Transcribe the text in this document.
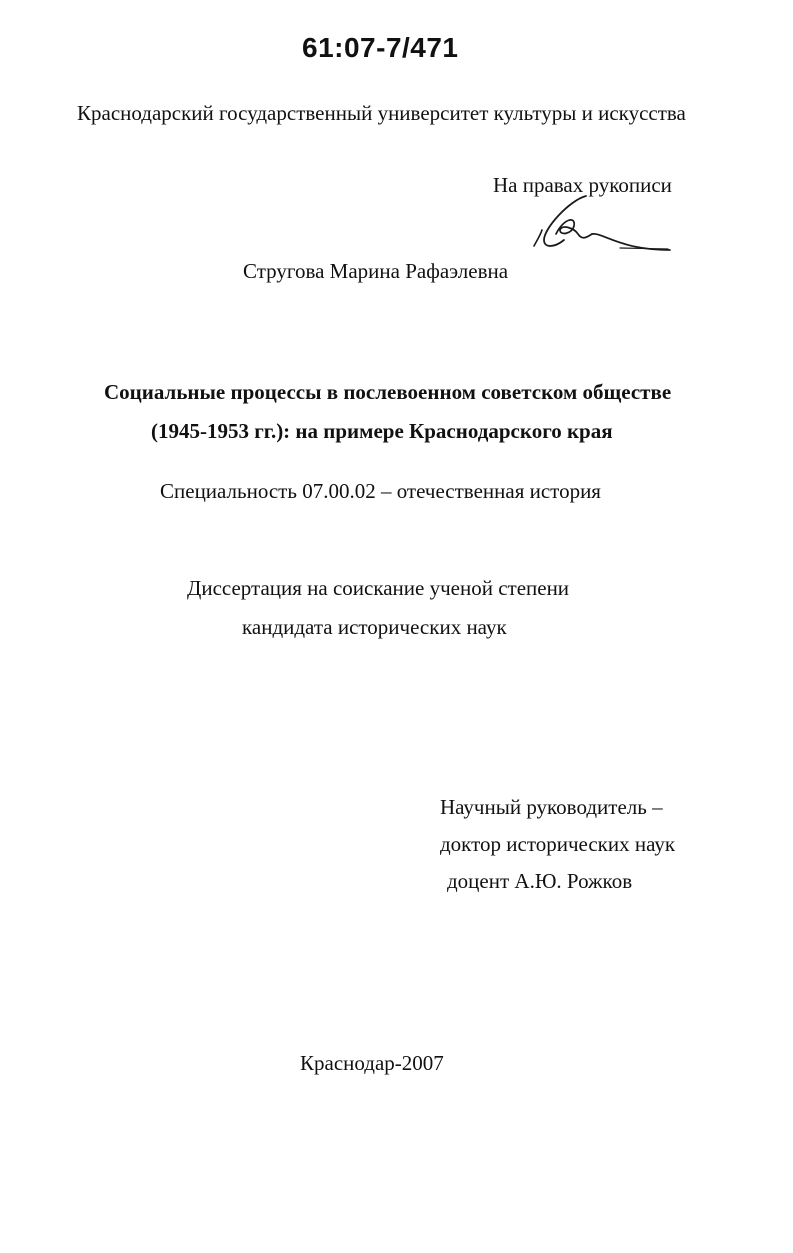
61:07-7/471
Краснодарский государственный университет культуры и искусства
На правах рукописи
Стругова Марина Рафаэлевна
Социальные процессы в послевоенном советском обществе
(1945-1953 гг.): на примере Краснодарского края
Специальность 07.00.02 – отечественная история
Диссертация на соискание ученой степени
кандидата исторических наук
Научный руководитель –
доктор исторических наук
доцент А.Ю. Рожков
Краснодар-2007
